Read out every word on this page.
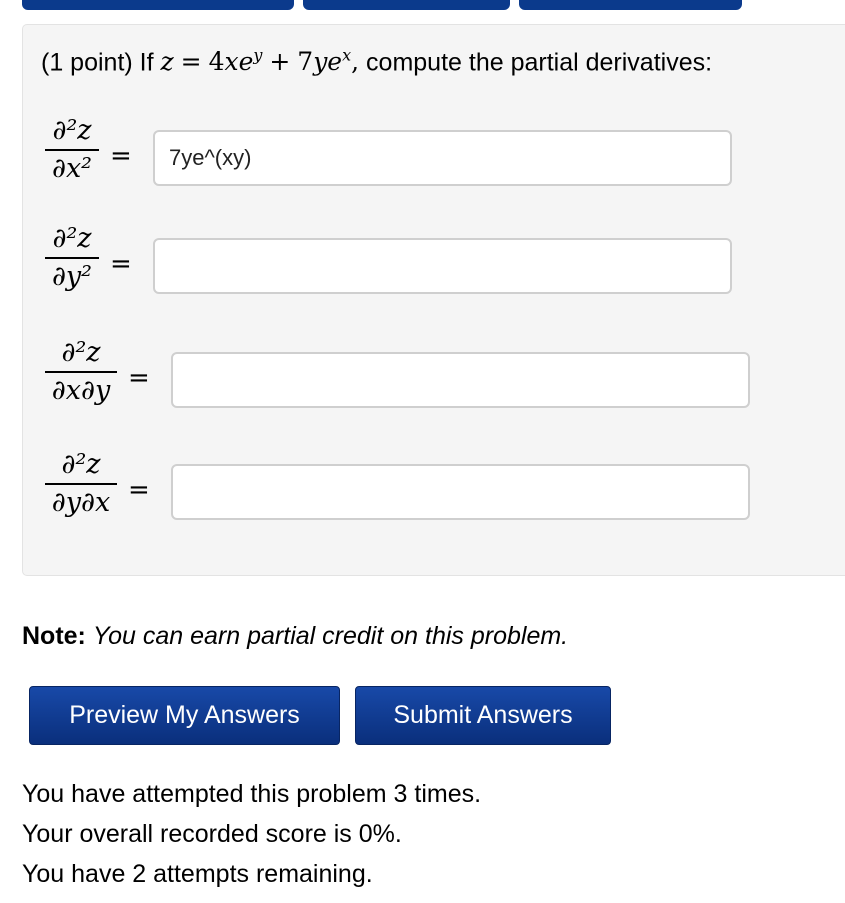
(1 point) If $z = 4xe^y + 7ye^x$, compute the partial derivatives:
∂²z
∂x² =
7ye^(xy)
∂²z
∂y² =
∂²z
∂x∂y =
∂²z
∂y∂x =
Note: You can earn partial credit on this problem.
Preview My Answers	Submit Answers
You have attempted this problem 3 times.
Your overall recorded score is 0%.
You have 2 attempts remaining.
